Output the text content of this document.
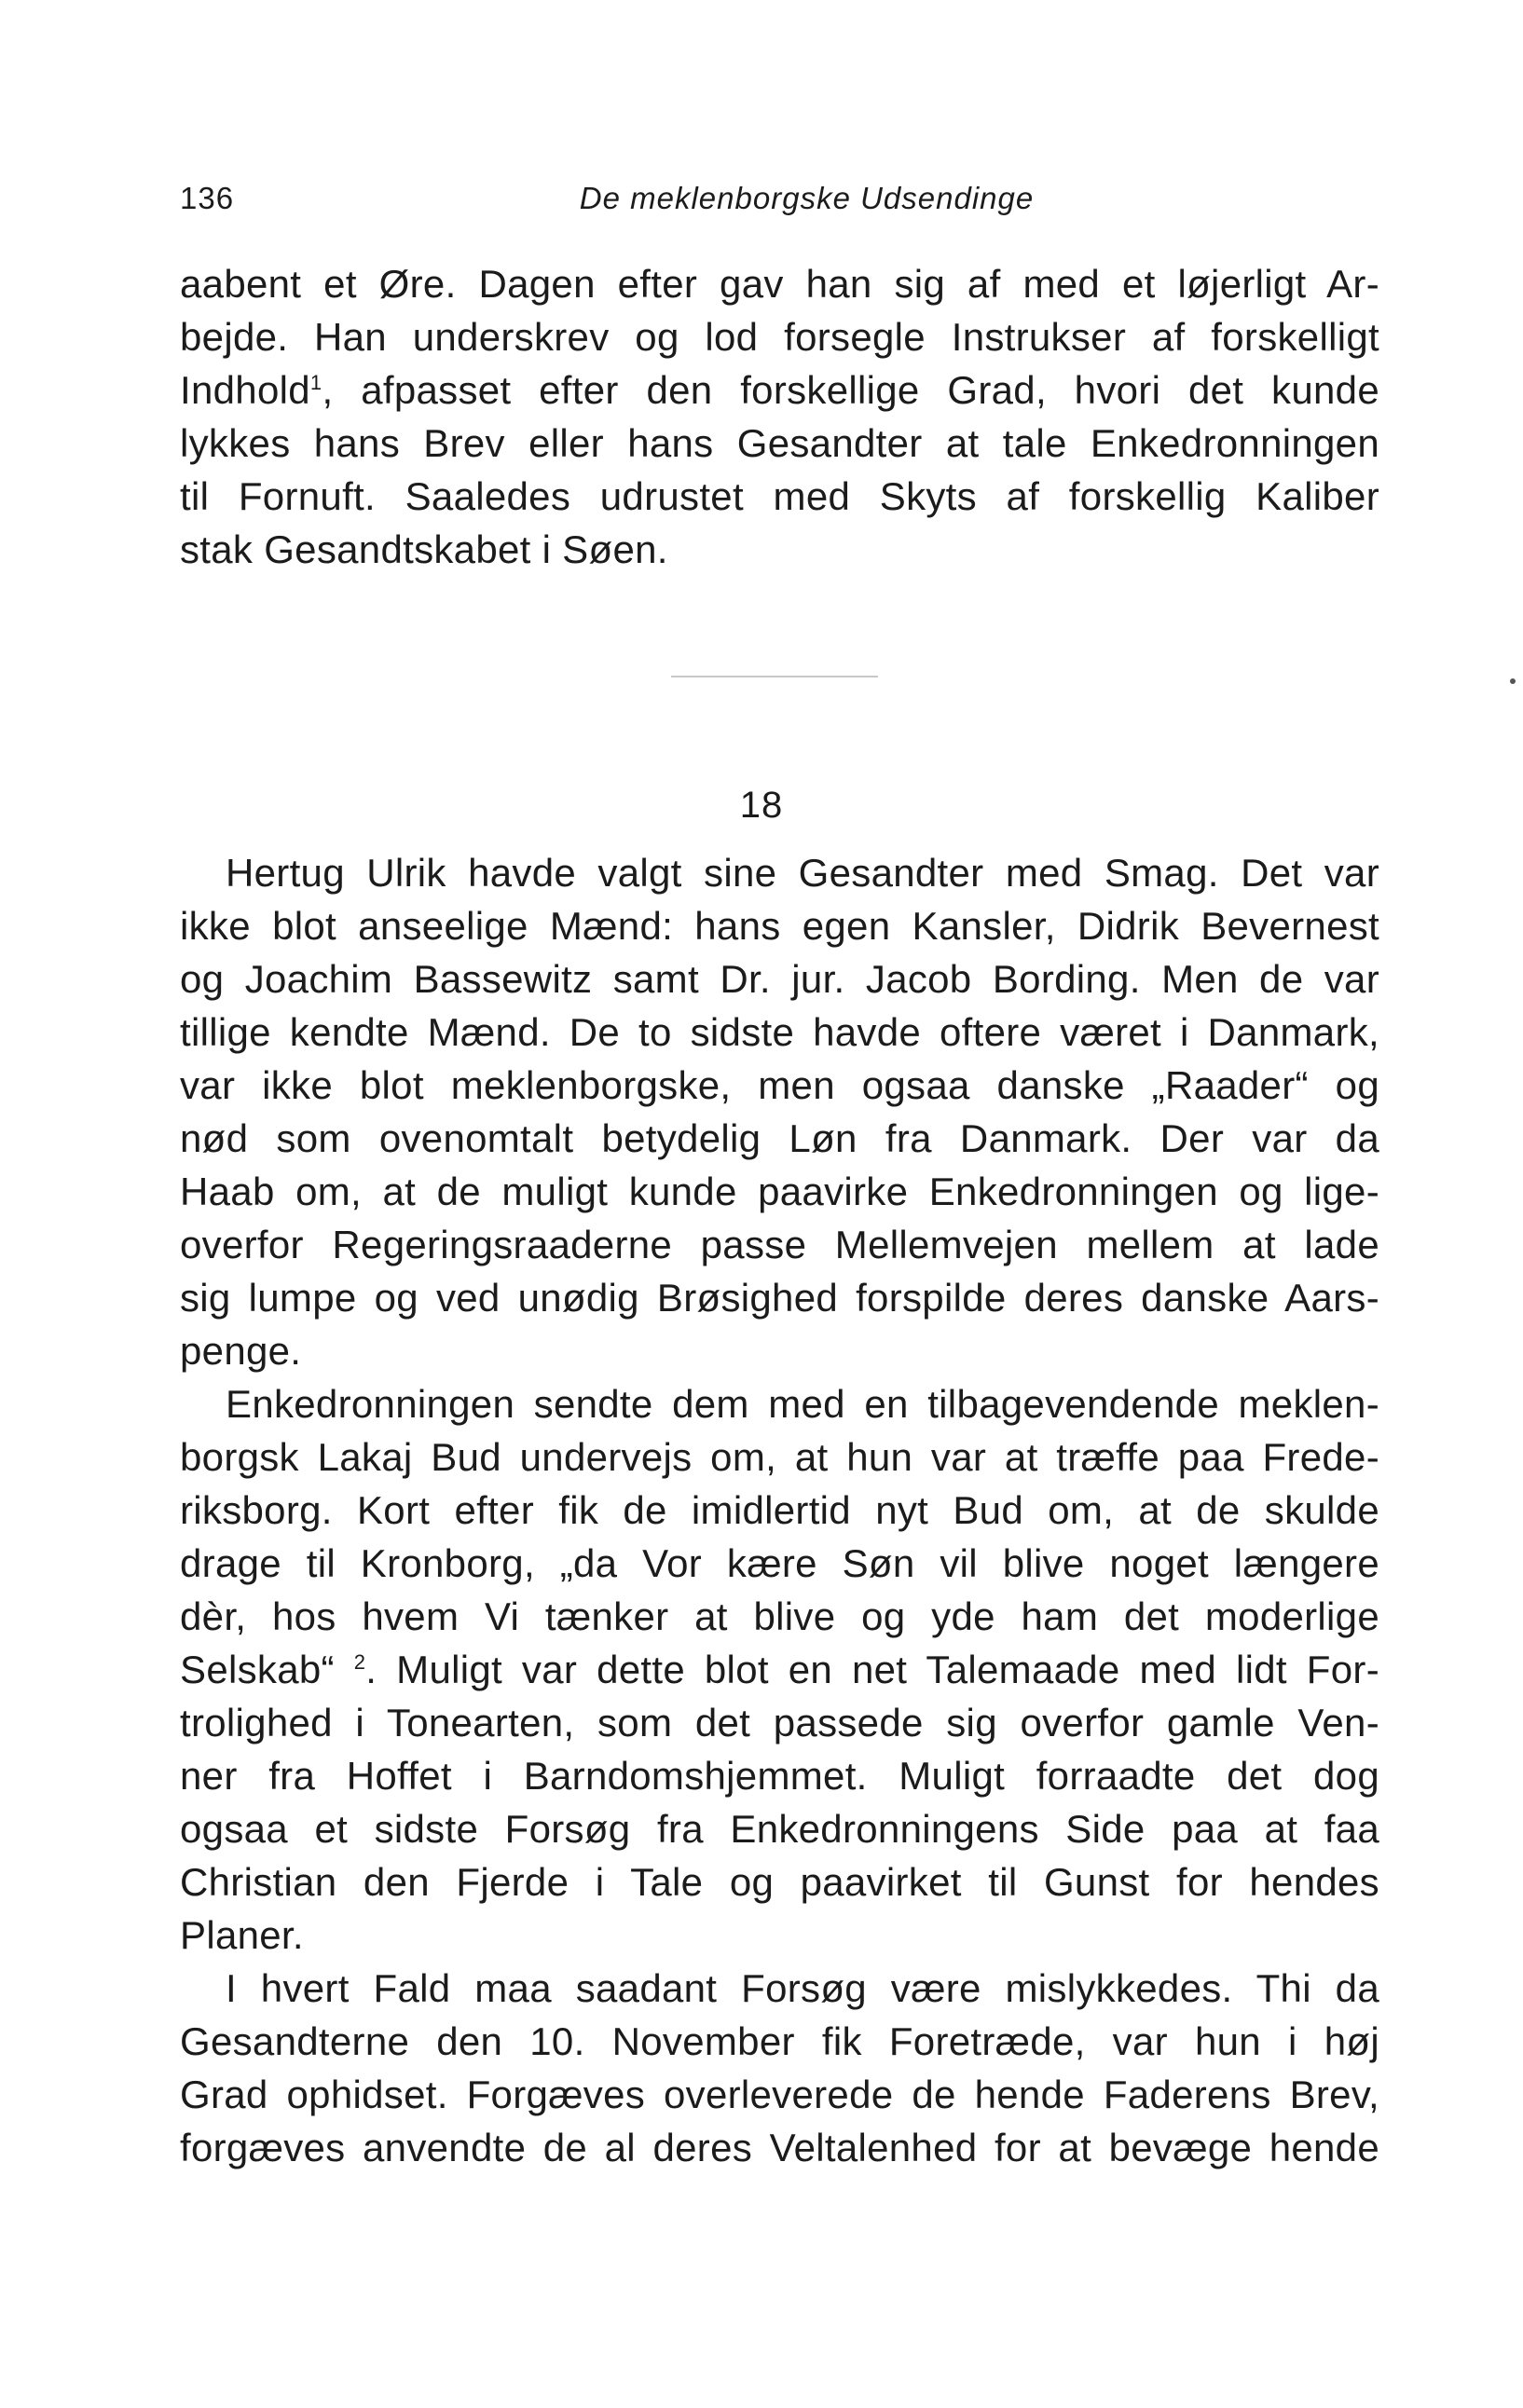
136	De meklenborgske Udsendinge
aabent et Øre. Dagen efter gav han sig af med et løjerligt Ar-
bejde. Han underskrev og lod forsegle Instrukser af forskelligt
Indhold$^1$, afpasset efter den forskellige Grad, hvori det kunde
lykkes hans Brev eller hans Gesandter at tale Enkedronningen
til Fornuft. Saaledes udrustet med Skyts af forskellig Kaliber
stak Gesandtskabet i Søen.
18
Hertug Ulrik havde valgt sine Gesandter med Smag. Det var
ikke blot anseelige Mænd: hans egen Kansler, Didrik Bevernest
og Joachim Bassewitz samt Dr. jur. Jacob Bording. Men de var
tillige kendte Mænd. De to sidste havde oftere været i Danmark,
var ikke blot meklenborgske, men ogsaa danske „Raader“ og
nød som ovenomtalt betydelig Løn fra Danmark. Der var da
Haab om, at de muligt kunde paavirke Enkedronningen og lige-
overfor Regeringsraaderne passe Mellemvejen mellem at lade
sig lumpe og ved unødig Brøsighed forspilde deres danske Aars-
penge.
Enkedronningen sendte dem med en tilbagevendende meklen-
borgsk Lakaj Bud undervejs om, at hun var at træffe paa Frede-
riksborg. Kort efter fik de imidlertid nyt Bud om, at de skulde
drage til Kronborg, „da Vor kære Søn vil blive noget længere
dèr, hos hvem Vi tænker at blive og yde ham det moderlige
Selskab“ $^2$. Muligt var dette blot en net Talemaade med lidt For-
trolighed i Tonearten, som det passede sig overfor gamle Ven-
ner fra Hoffet i Barndomshjemmet. Muligt forraadte det dog
ogsaa et sidste Forsøg fra Enkedronningens Side paa at faa
Christian den Fjerde i Tale og paavirket til Gunst for hendes
Planer.
I hvert Fald maa saadant Forsøg være mislykkedes. Thi da
Gesandterne den 10. November fik Foretræde, var hun i høj
Grad ophidset. Forgæves overleverede de hende Faderens Brev,
forgæves anvendte de al deres Veltalenhed for at bevæge hende
